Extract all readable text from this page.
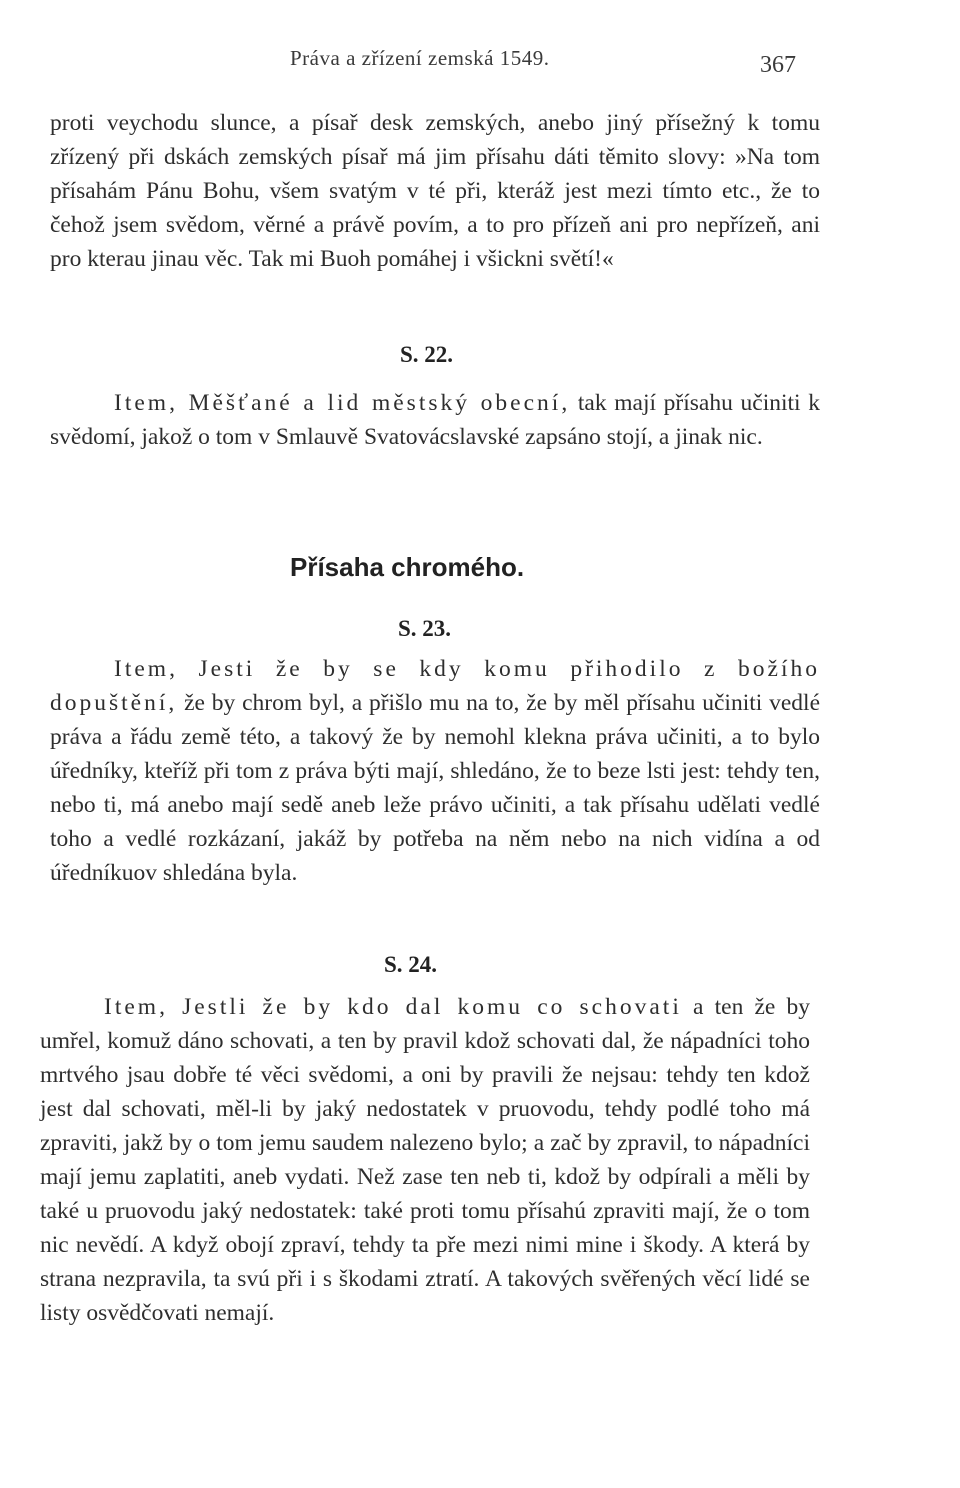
Práva a zřízení zemská 1549.	367
proti veychodu slunce, a písař desk zemských, anebo jiný přísežný k tomu zřízený při dskách zemských písař má jim přísahu dáti těmito slovy: »Na tom přísahám Pánu Bohu, všem svatým v té při, kteráž jest mezi tímto etc., že to čehož jsem svědom, věrné a právě povím, a to pro přízeň ani pro nepřízeň, ani pro kterau jinau věc. Tak mi Buoh pomáhej i všickni světí!«
S. 22.
Item, Měšťané a lid městský obecní, tak mají přísahu učiniti k svědomí, jakož o tom v Smlauvě Svatovácslavské zapsáno stojí, a jinak nic.
Přísaha chromého.
S. 23.
Item, Jesti že by se kdy komu přihodilo z božího dopuštění, že by chrom byl, a přišlo mu na to, že by měl přísahu učiniti vedlé práva a řádu země této, a takový že by nemohl klekna práva učiniti, a to bylo úředníky, kteříž při tom z práva býti mají, shledáno, že to beze lsti jest: tehdy ten, nebo ti, má anebo mají sedě aneb leže právo učiniti, a tak přísahu udělati vedlé toho a vedlé rozkázaní, jakáž by potřeba na něm nebo na nich vidína a od úředníkuov shledána byla.
S. 24.
Item, Jestli že by kdo dal komu co schovati a ten že by umřel, komuž dáno schovati, a ten by pravil kdož schovati dal, že nápadníci toho mrtvého jsau dobře té věci svědomi, a oni by pravili že nejsau: tehdy ten kdož jest dal schovati, měl-li by jaký nedostatek v pruovodu, tehdy podlé toho má zpraviti, jakž by o tom jemu saudem nalezeno bylo; a zač by zpravil, to nápadníci mají jemu zaplatiti, aneb vydati. Než zase ten neb ti, kdož by odpírali a měli by také u pruovodu jaký nedostatek: také proti tomu přísahú zpraviti mají, že o tom nic nevědí. A když obojí zpraví, tehdy ta pře mezi nimi mine i škody. A která by strana nezpravila, ta svú při i s škodami ztratí. A takových svěřených věcí lidé se listy osvědčovati nemají.
